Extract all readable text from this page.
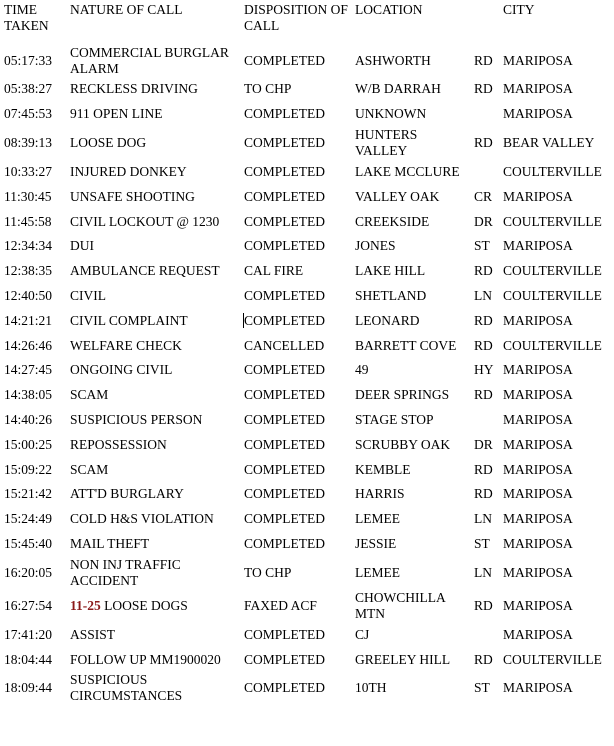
TIME TAKEN	NATURE OF CALL	DISPOSITION OF CALL	LOCATION		CITY
05:17:33	COMMERCIAL BURGLAR ALARM	COMPLETED	ASHWORTH	RD	MARIPOSA
05:38:27	RECKLESS DRIVING	TO CHP	W/B DARRAH	RD	MARIPOSA
07:45:53	911 OPEN LINE	COMPLETED	UNKNOWN		MARIPOSA
08:39:13	LOOSE DOG	COMPLETED	HUNTERS VALLEY	RD	BEAR VALLEY
10:33:27	INJURED DONKEY	COMPLETED	LAKE MCCLURE		COULTERVILLE
11:30:45	UNSAFE SHOOTING	COMPLETED	VALLEY OAK	CR	MARIPOSA
11:45:58	CIVIL LOCKOUT @ 1230	COMPLETED	CREEKSIDE	DR	COULTERVILLE
12:34:34	DUI	COMPLETED	JONES	ST	MARIPOSA
12:38:35	AMBULANCE REQUEST	CAL FIRE	LAKE HILL	RD	COULTERVILLE
12:40:50	CIVIL	COMPLETED	SHETLAND	LN	COULTERVILLE
14:21:21	CIVIL COMPLAINT	COMPLETED	LEONARD	RD	MARIPOSA
14:26:46	WELFARE CHECK	CANCELLED	BARRETT COVE	RD	COULTERVILLE
14:27:45	ONGOING CIVIL	COMPLETED	49	HY	MARIPOSA
14:38:05	SCAM	COMPLETED	DEER SPRINGS	RD	MARIPOSA
14:40:26	SUSPICIOUS PERSON	COMPLETED	STAGE STOP		MARIPOSA
15:00:25	REPOSSESSION	COMPLETED	SCRUBBY OAK	DR	MARIPOSA
15:09:22	SCAM	COMPLETED	KEMBLE	RD	MARIPOSA
15:21:42	ATT'D BURGLARY	COMPLETED	HARRIS	RD	MARIPOSA
15:24:49	COLD H&S VIOLATION	COMPLETED	LEMEE	LN	MARIPOSA
15:45:40	MAIL THEFT	COMPLETED	JESSIE	ST	MARIPOSA
16:20:05	NON INJ TRAFFIC ACCIDENT	TO CHP	LEMEE	LN	MARIPOSA
16:27:54	11-25 LOOSE DOGS	FAXED ACF	CHOWCHILLA MTN	RD	MARIPOSA
17:41:20	ASSIST	COMPLETED	CJ		MARIPOSA
18:04:44	FOLLOW UP MM1900020	COMPLETED	GREELEY HILL	RD	COULTERVILLE
18:09:44	SUSPICIOUS CIRCUMSTANCES	COMPLETED	10TH	ST	MARIPOSA
